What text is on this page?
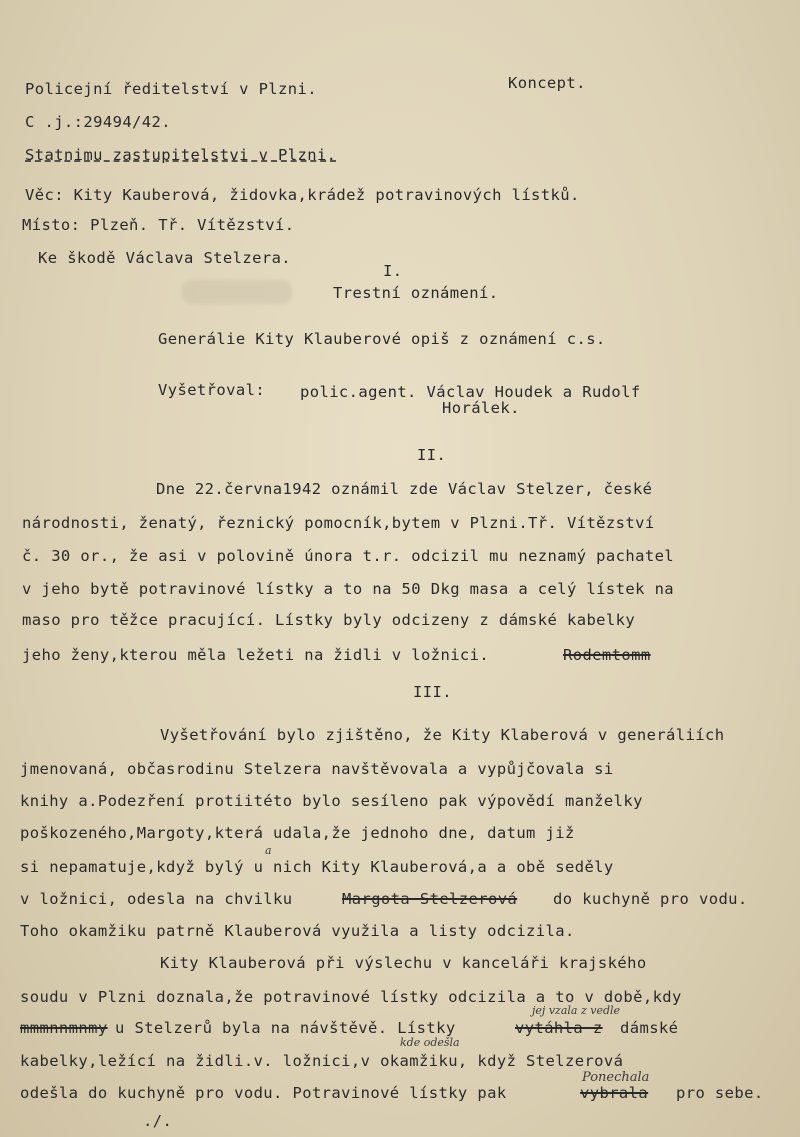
Policejní ředitelství v Plzni.	Koncept.
C .j.:29494/42.
Statnimu zastupitelstvi v Plzni.
Věc: Kity Kauberová, židovka,krádež potravinových lístků.
Místo: Plzeň. Tř. Vítězství.
Ke škodě Václava Stelzera.
I.
Trestní oznámení.
Generálie Kity Klauberové opiš z oznámení c.s.
Vyšetřoval: polic.agent. Václav Houdek a Rudolf
Horálek.
II.
Dne 22.června1942 oznámil zde Václav Stelzer, české
národnosti, ženatý, řeznický pomocník,bytem v Plzni.Tř. Vítězství
č. 30 or., že asi v polovině února t.r. odcizil mu neznamý pachatel
v jeho bytě potravinové lístky a to na 50 Dkg masa a celý lístek na
maso pro těžce pracující. Lístky byly odcizeny z dámské kabelky
jeho ženy,kterou měla ležeti na židli v ložnici.	Rodemtomm
III.
Vyšetřování bylo zjištěno, že Kity Klaberová v generáliích
jmenovaná, občasrodinu Stelzera navštěvovala a vypůjčovala si
knihy a.Podezření protiitéto bylo sesíleno pak výpovědí manželky
poškozeného,Margoty,která udala,že jednoho dne, datum již
a
si nepamatuje,když bylý u nich Kity Klauberová,a a obě seděly
v ložnici, odesla na chvilku	Margota Stelzerová do kuchyně pro vodu.
Toho okamžiku patrně Klauberová využila a listy odcizila.
Kity Klauberová při výslechu v kanceláři krajského
soudu v Plzni doznala,že potravinové lístky odcizila a to v době,kdy
jej vzala z vedle
mmmnnmnmy u Stelzerů byla na návštěvě. Lístky	vytáhla z dámské
kde odešla
kabelky,ležící na židli.v. ložnici,v okamžiku, když Stelzerová
Ponechala
odešla do kuchyně pro vodu. Potravinové lístky pak	vybrala pro sebe.
./.
